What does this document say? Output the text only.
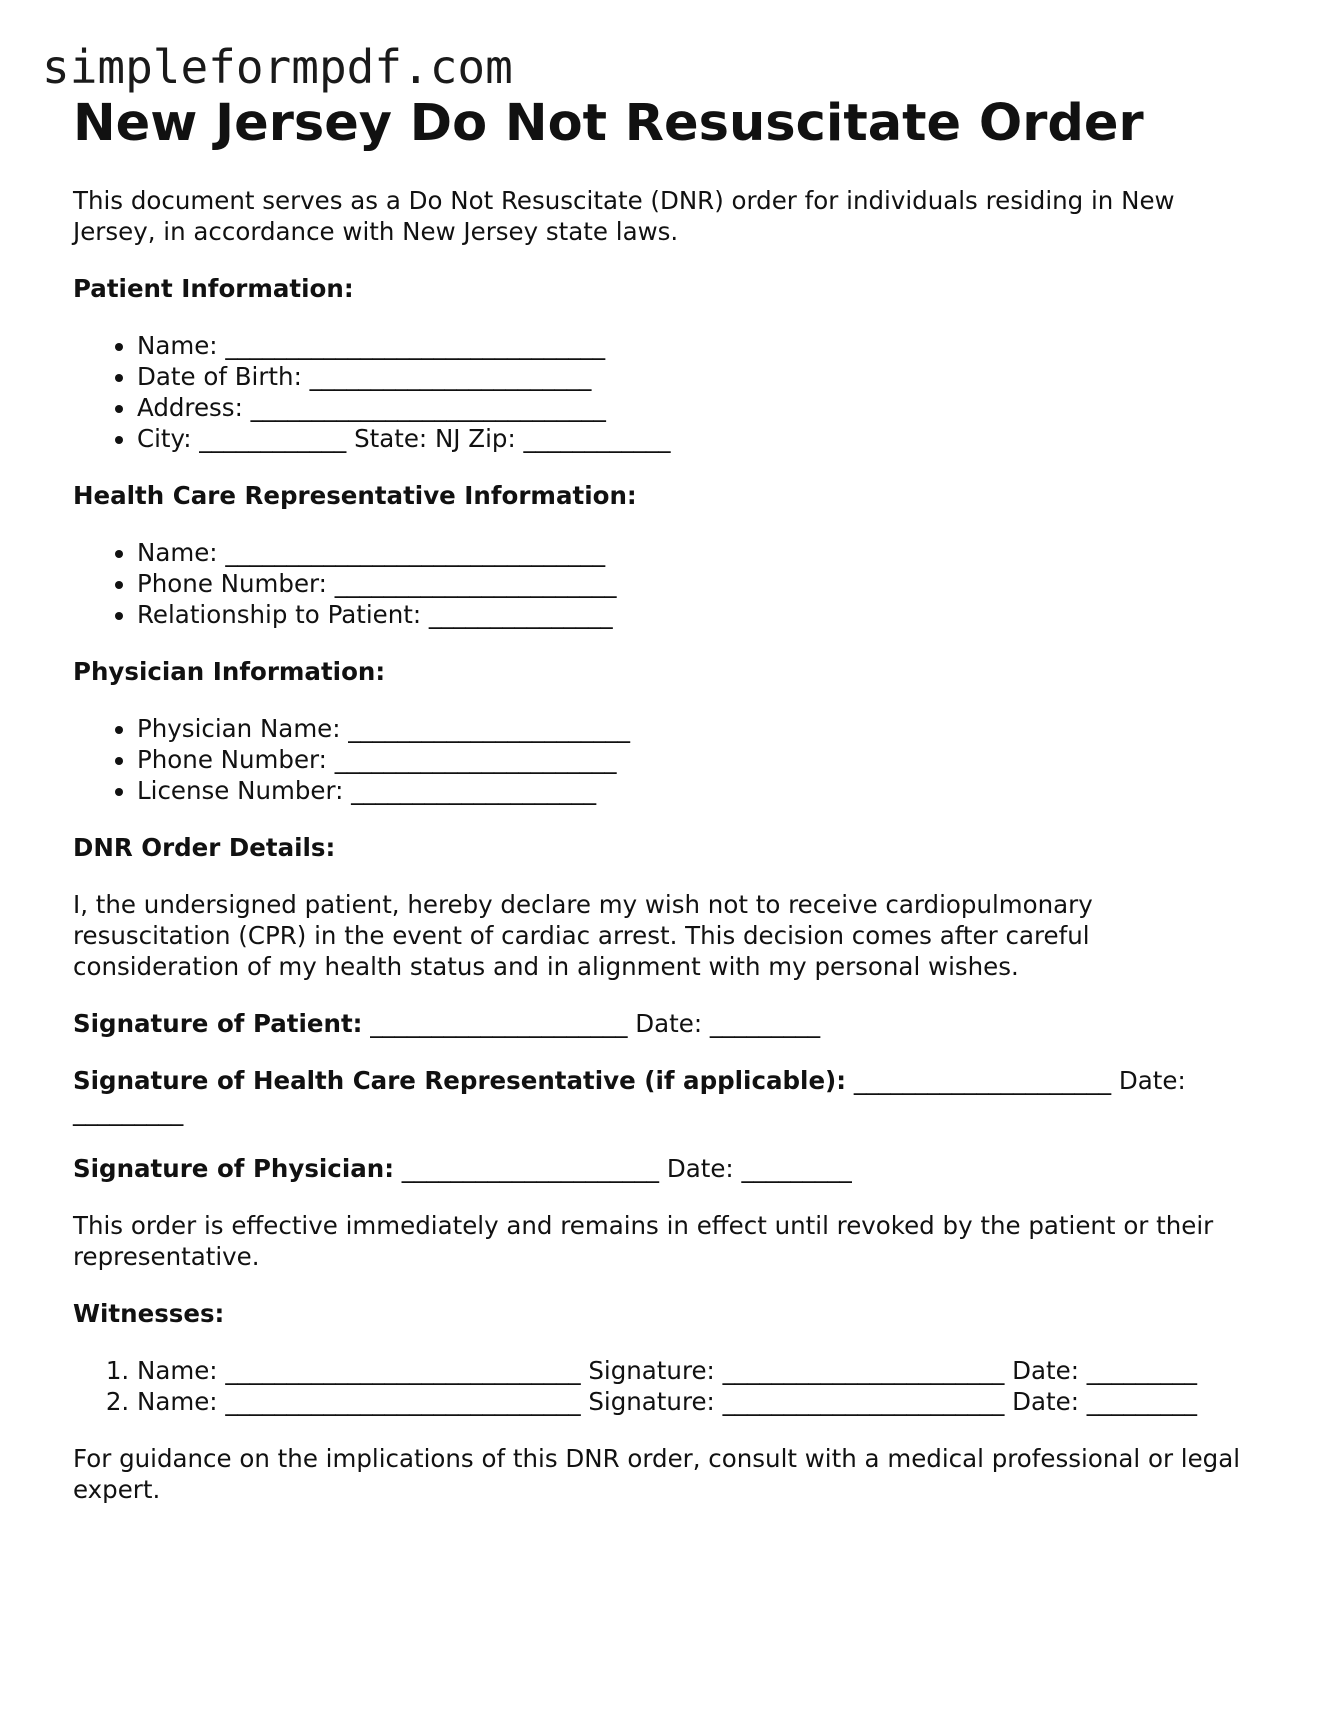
simpleformpdf.com
New Jersey Do Not Resuscitate Order

This document serves as a Do Not Resuscitate (DNR) order for individuals residing in New Jersey, in accordance with New Jersey state laws.

Patient Information:
• Name: _______________________________
• Date of Birth: _______________________
• Address: _____________________________
• City: ____________ State: NJ Zip: ____________
Health Care Representative Information:
• Name: _______________________________
• Phone Number: _______________________
• Relationship to Patient: _______________
Physician Information:
• Physician Name: _______________________
• Phone Number: _______________________
• License Number: ____________________
DNR Order Details:

I, the undersigned patient, hereby declare my wish not to receive cardiopulmonary resuscitation (CPR) in the event of cardiac arrest. This decision comes after careful consideration of my health status and in alignment with my personal wishes.

Signature of Patient: _____________________ Date: _________

Signature of Health Care Representative (if applicable): _____________________ Date: _________

Signature of Physician: _____________________ Date: _________

This order is effective immediately and remains in effect until revoked by the patient or their representative.

Witnesses:
1. Name: _____________________________ Signature: _______________________ Date: _________
2. Name: _____________________________ Signature: _______________________ Date: _________

For guidance on the implications of this DNR order, consult with a medical professional or legal expert.
